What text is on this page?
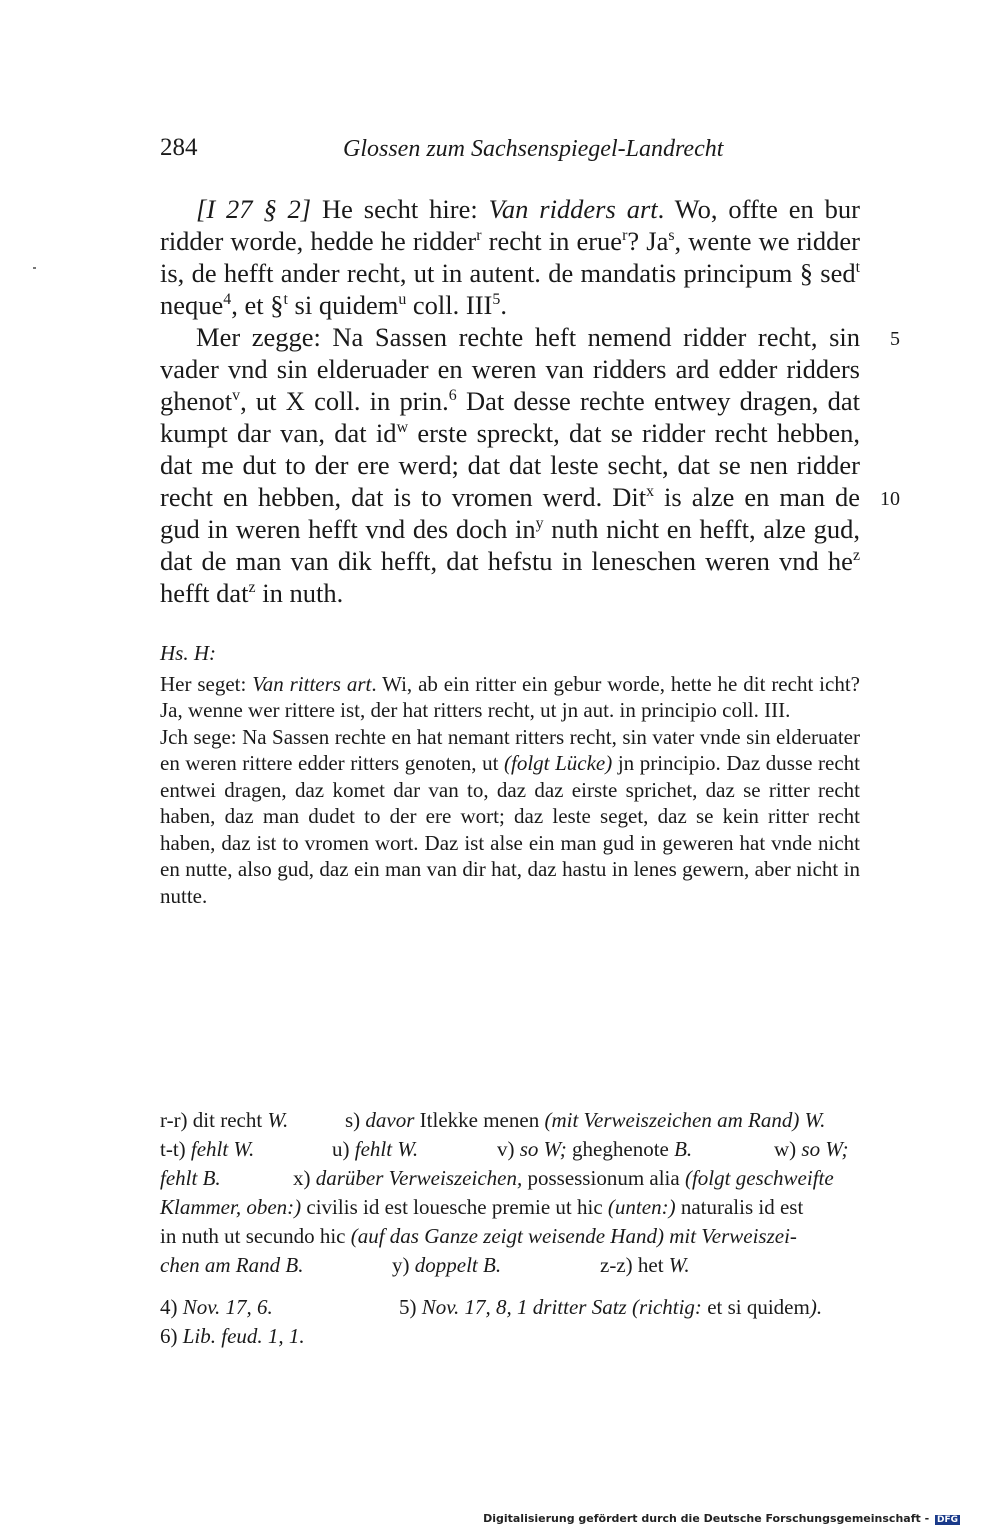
284	Glossen zum Sachsenspiegel-Landrecht

[I 27 § 2] He secht hire: Van ridders art. Wo, offte en bur ridder worde, hedde he ridder$^r$ recht in erue$^r$? Ja$^s$, wente we ridder is, de hefft ander recht, ut in autent. de mandatis principum § sed$^t$ neque$^4$, et §$^t$ si quidem$^u$ coll. III$^5$.

Mer zegge: Na Sassen rechte heft nemend ridder recht, sin vader vnd sin elderuader en weren van ridders ard edder ridders ghenot$^v$, ut X coll. in prin.$^6$ Dat desse rechte entwey dragen, dat kumpt dar van, dat $id^w$ erste spreckt, dat se ridder recht hebben, dat me dut to der ere werd; dat dat leste secht, dat se nen ridder recht en hebben, dat is to vromen werd. Dit$^x$ is alze en man de gud in weren hefft vnd des doch $in^y$ nuth nicht en hefft, alze gud, dat de man van dik hefft, dat hefstu in leneschen weren vnd $he^z$ hefft dat$^z$ in nuth.

5
10

Hs. H:

Her seget: Van ritters art. Wi, ab ein ritter ein gebur worde, hette he dit recht icht? Ja, wenne wer rittere ist, der hat ritters recht, ut jn aut. in principio coll. III.

Jch sege: Na Sassen rechte en hat nemant ritters recht, sin vater vnde sin elderuater en weren rittere edder ritters genoten, ut (folgt Lücke) jn principio. Daz dusse recht entwei dragen, daz komet dar van to, daz daz eirste sprichet, daz se ritter recht haben, daz man dudet to der ere wort; daz leste seget, daz se kein ritter recht haben, daz ist to vromen wort. Daz ist alse ein man gud in geweren hat vnde nicht en nutte, also gud, daz ein man van dir hat, daz hastu in lenes gewern, aber nicht in nutte.

r-r) dit recht W.	s) davor Itlekke menen (mit Verweiszeichen am Rand) W.
t-t) fehlt W.	u) fehlt W.	v) so W; gheghenote B.	w) so W;
fehlt B.	x) darüber Verweiszeichen, possessionum alia (folgt geschweifte
Klammer, oben:) civilis id est louesche premie ut hic (unten:) naturalis id est
in nuth ut secundo hic (auf das Ganze zeigt weisende Hand) mit Verweiszei-
chen am Rand B.	y) doppelt B.	z-z) het W.
4) Nov. 17, 6.	5) Nov. 17, 8, 1 dritter Satz (richtig: et si quidem).
6) Lib. feud. 1, 1.
Digitalisierung gefördert durch die Deutsche Forschungsgemeinschaft - DFG
